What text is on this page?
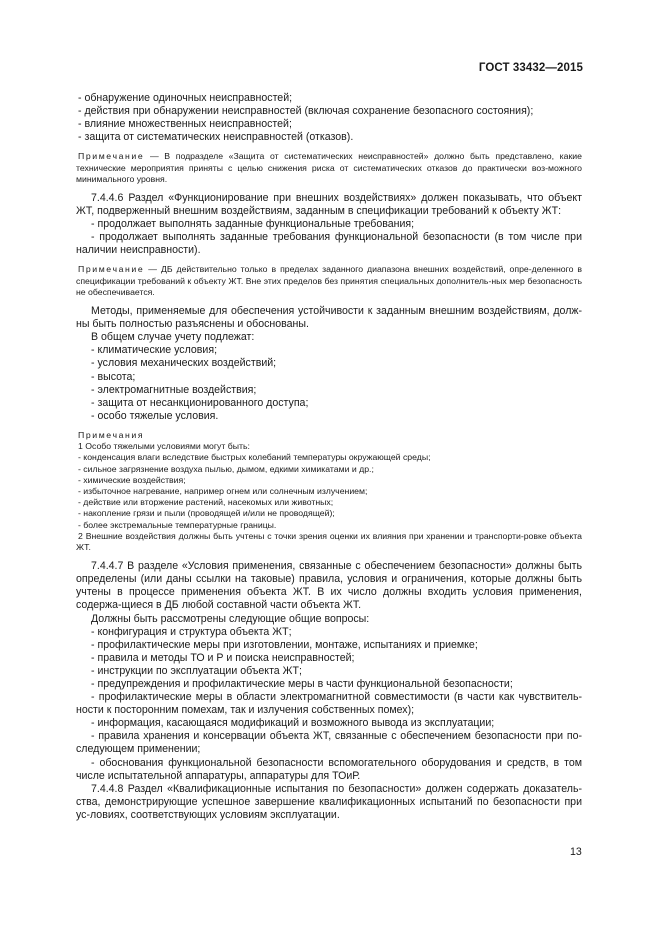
ГОСТ 33432—2015

- обнаружение одиночных неисправностей;

- действия при обнаружении неисправностей (включая сохранение безопасного состояния);

- влияние множественных неисправностей;

- защита от систематических неисправностей (отказов).

Примечание — В подразделе «Защита от систематических неисправностей» должно быть представлено, какие технические мероприятия приняты с целью снижения риска от систематических отказов до практически воз-можного минимального уровня.

7.4.4.6 Раздел «Функционирование при внешних воздействиях» должен показывать, что объект ЖТ, подверженный внешним воздействиям, заданным в спецификации требований к объекту ЖТ:

- продолжает выполнять заданные функциональные требования;

- продолжает выполнять заданные требования функциональной безопасности (в том числе при наличии неисправности).

Примечание — ДБ действительно только в пределах заданного диапазона внешних воздействий, опре-деленного в спецификации требований к объекту ЖТ. Вне этих пределов без принятия специальных дополнитель-ных мер безопасность не обеспечивается.

Методы, применяемые для обеспечения устойчивости к заданным внешним воздействиям, долж-ны быть полностью разъяснены и обоснованы.

В общем случае учету подлежат:

- климатические условия;

- условия механических воздействий;

- высота;

- электромагнитные воздействия;

- защита от несанкционированного доступа;

- особо тяжелые условия.

Примечания

1 Особо тяжелыми условиями могут быть:

- конденсация влаги вследствие быстрых колебаний температуры окружающей среды;

- сильное загрязнение воздуха пылью, дымом, едкими химикатами и др.;

- химические воздействия;

- избыточное нагревание, например огнем или солнечным излучением;

- действие или вторжение растений, насекомых или животных;

- накопление грязи и пыли (проводящей и/или не проводящей);

- более экстремальные температурные границы.

2 Внешние воздействия должны быть учтены с точки зрения оценки их влияния при хранении и транспорти-ровке объекта ЖТ.

7.4.4.7 В разделе «Условия применения, связанные с обеспечением безопасности» должны быть определены (или даны ссылки на таковые) правила, условия и ограничения, которые должны быть учтены в процессе применения объекта ЖТ. В их число должны входить условия применения, содержа-щиеся в ДБ любой составной части объекта ЖТ.

Должны быть рассмотрены следующие общие вопросы:

- конфигурация и структура объекта ЖТ;

- профилактические меры при изготовлении, монтаже, испытаниях и приемке;

- правила и методы ТО и Р и поиска неисправностей;

- инструкции по эксплуатации объекта ЖТ;

- предупреждения и профилактические меры в части функциональной безопасности;

- профилактические меры в области электромагнитной совместимости (в части как чувствитель-ности к посторонним помехам, так и излучения собственных помех);

- информация, касающаяся модификаций и возможного вывода из эксплуатации;

- правила хранения и консервации объекта ЖТ, связанные с обеспечением безопасности при по-следующем применении;

- обоснования функциональной безопасности вспомогательного оборудования и средств, в том числе испытательной аппаратуры, аппаратуры для ТОиР.

7.4.4.8 Раздел «Квалификационные испытания по безопасности» должен содержать доказатель-ства, демонстрирующие успешное завершение квалификационных испытаний по безопасности при ус-ловиях, соответствующих условиям эксплуатации.

13
